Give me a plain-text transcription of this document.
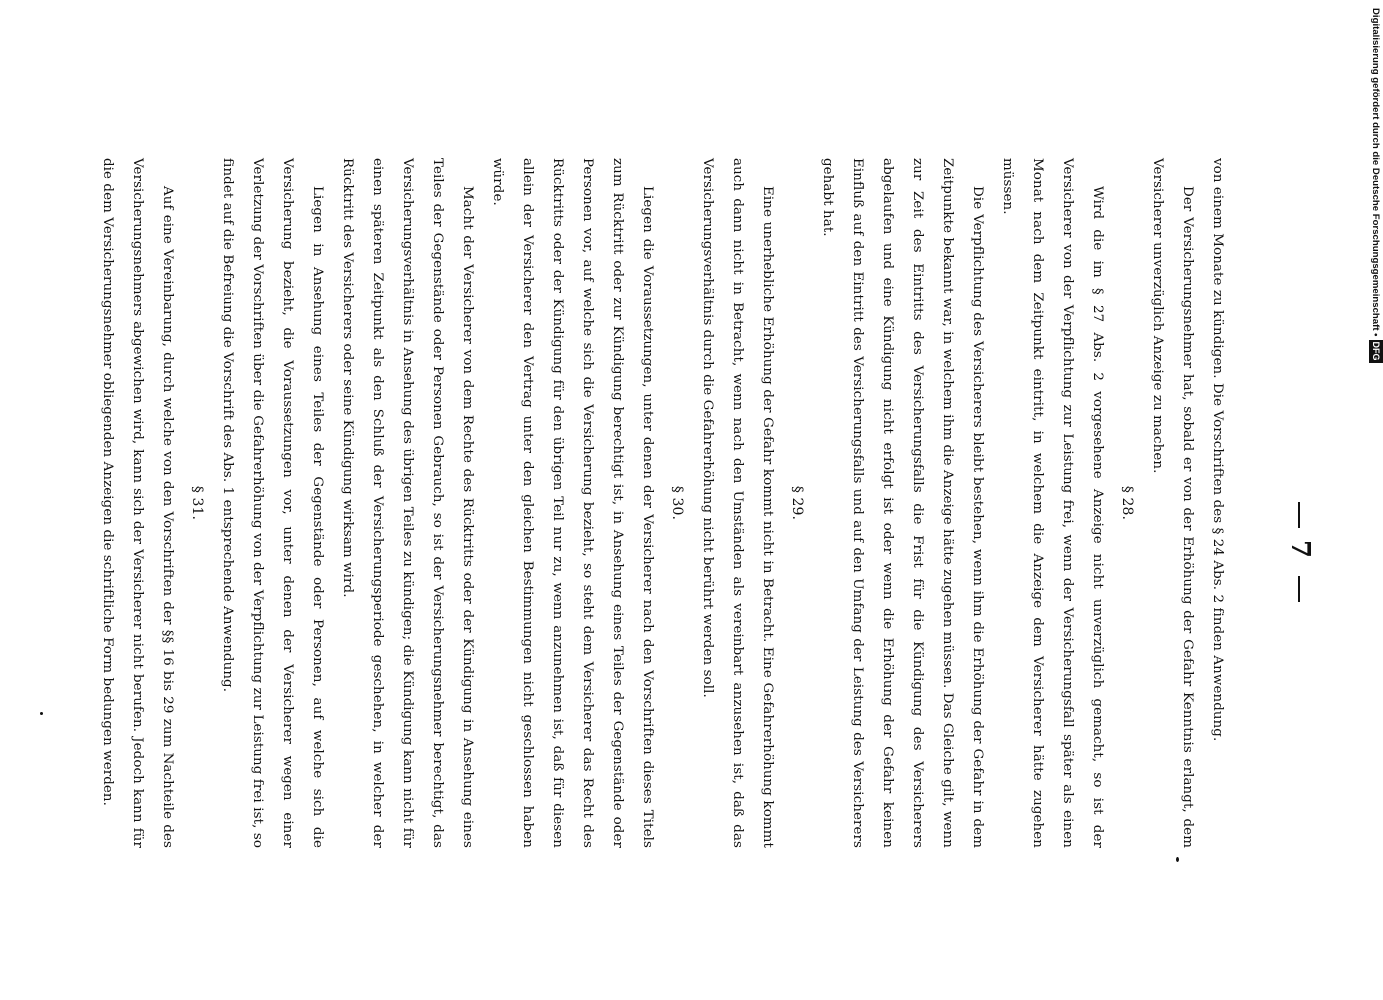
7

von einem Monate zu kündigen. Die Vorschriften des § 24 Abs. 2 finden Anwendung.

Der Versicherungsnehmer hat, sobald er von der Erhöhung der Gefahr Kenntnis erlangt, dem Versicherer unverzüglich Anzeige zu machen.

§ 28.

Wird die im § 27 Abs. 2 vorgesehene Anzeige nicht unverzüglich gemacht, so ist der Versicherer von der Verpflichtung zur Leistung frei, wenn der Versicherungsfall später als einen Monat nach dem Zeitpunkt eintritt, in welchem die Anzeige dem Versicherer hätte zugehen müssen.

Die Verpflichtung des Versicherers bleibt bestehen, wenn ihm die Erhöhung der Gefahr in dem Zeitpunkte bekannt war, in welchem ihm die Anzeige hätte zugehen müssen. Das Gleiche gilt, wenn zur Zeit des Eintritts des Versicherungsfalls die Frist für die Kündigung des Versicherers abgelaufen und eine Kündigung nicht erfolgt ist oder wenn die Erhöhung der Gefahr keinen Einfluß auf den Eintritt des Versicherungsfalls und auf den Umfang der Leistung des Versicherers gehabt hat.

§ 29.

Eine unerhebliche Erhöhung der Gefahr kommt nicht in Betracht. Eine Gefahrerhöhung kommt auch dann nicht in Betracht, wenn nach den Umständen als vereinbart anzusehen ist, daß das Versicherungsverhältnis durch die Gefahrerhöhung nicht berührt werden soll.

§ 30.

Liegen die Voraussetzungen, unter denen der Versicherer nach den Vorschriften dieses Titels zum Rücktritt oder zur Kündigung berechtigt ist, in Ansehung eines Teiles der Gegenstände oder Personen vor, auf welche sich die Versicherung bezieht, so steht dem Versicherer das Recht des Rücktritts oder der Kündigung für den übrigen Teil nur zu, wenn anzunehmen ist, daß für diesen allein der Versicherer den Vertrag unter den gleichen Bestimmungen nicht geschlossen haben würde.

Macht der Versicherer von dem Rechte des Rücktritts oder der Kündigung in Ansehung eines Teiles der Gegenstände oder Personen Gebrauch, so ist der Versicherungsnehmer berechtigt, das Versicherungsverhältnis in Ansehung des übrigen Teiles zu kündigen; die Kündigung kann nicht für einen späteren Zeitpunkt als den Schluß der Versicherungsperiode geschehen, in welcher der Rücktritt des Versicherers oder seine Kündigung wirksam wird.

Liegen in Ansehung eines Teiles der Gegenstände oder Personen, auf welche sich die Versicherung bezieht, die Voraussetzungen vor, unter denen der Versicherer wegen einer Verletzung der Vorschriften über die Gefahrerhöhung von der Verpflichtung zur Leistung frei ist, so findet auf die Befreiung die Vorschrift des Abs. 1 entsprechende Anwendung.

§ 31.

Auf eine Vereinbarung, durch welche von den Vorschriften der §§ 16 bis 29 zum Nachteile des Versicherungsnehmers abgewichen wird, kann sich der Versicherer nicht berufen. Jedoch kann für die dem Versicherungsnehmer obliegenden Anzeigen die schriftliche Form bedungen werden.	Digitalisierung gefördert durch die Deutsche Forschungsgemeinschaft •DFG
